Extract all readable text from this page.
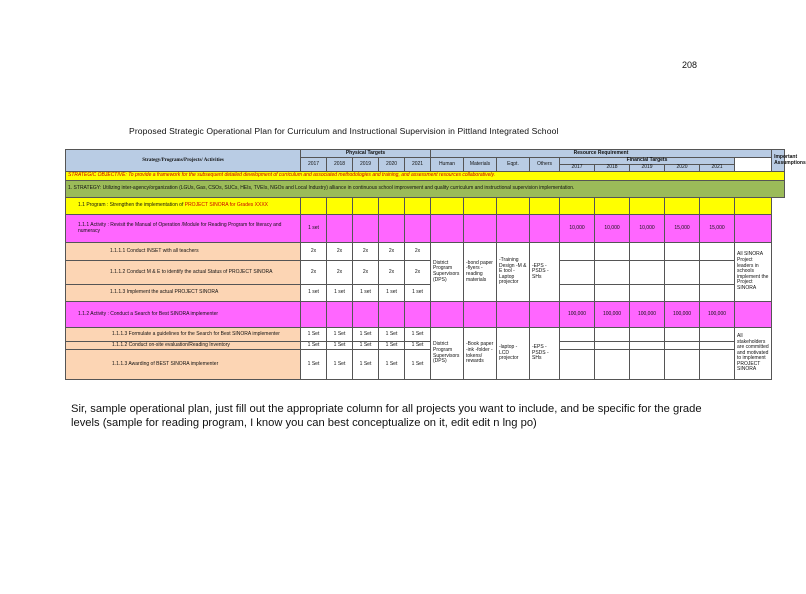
208
Proposed Strategic Operational Plan for Curriculum and Instructional Supervision in Pittland Integrated School
Strategy/Programs/Projects/ Activities	Physical Targets					Resource Requirement										Important Assumptions
	2017	2018	2019	2020	2021	Human	Materials	Eqpt.	Others	Financial Targets						
										2017	2018	2019	2020	2021		
STRATEGIC OBJECTIVE: To provide a framework for the subsequent detailed development of curriculum and associated methodologies and training, and assessment resources collaboratively.																
1. STRATEGY: Utilizing inter-agency/organization (LGUs, Gas, CSOs, SUCs, HEIs, TVEIs, NGOs and Local Industry) alliance in continuous school improvement and quality curriculum and instructional supervision implementation.																
1.1 Program : Strengthen the implementation of PROJECT SINORA for Grades XXXX																
1.1.1 Activity : Revisit the Manual of Operation /Module for Reading Program for literacy and numeracy	1 set									10,000	10,000	10,000	15,000	15,000		
1.1.1.1 Conduct INSET with all teachers	2x	2x	2x	2x	2x	District Program Supervisors (DPS)	-bond paper -flyers -reading materials	-Training Design -M & E tool -Laptop projector	-EPS -PSDS -SHs						All SINORA Project leaders in schools implement the Project SINORA	
1.1.1.2 Conduct M & E to identify the actual Status of PROJECT SINORA	2x	2x	2x	2x	2x											
1.1.1.3 Implement the actual PROJECT SINORA	1 set	1 set	1 set	1 set	1 set											
1.1.2 Activity : Conduct a Search for Best SINORA implementer										100,000	100,000	100,000	100,000	100,000		
1.1.1.3 Formulate a guidelines for the Search for Best SINORA implementer	1 Set	1 Set	1 Set	1 Set	1 Set	District Program Supervisors (DPS)	-Book paper -ink -folder -tokens/ rewards	-laptop -LCD projector	-EPS -PSDS -SHs						All stakeholders are committed and motivated to implement PROJECT SINORA	
1.1.1.2 Conduct on-site evaluation/Reading Inventory	1 Set	1 Set	1 Set	1 Set	1 Set											
1.1.1.3 Awarding of BEST SINORA implementer	1 Set	1 Set	1 Set	1 Set	1 Set											
Sir, sample operational plan, just fill out the appropriate column for all projects you want to include, and be specific for the grade levels (sample for reading program, I know you can best conceptualize on it, edit edit n lng po)
